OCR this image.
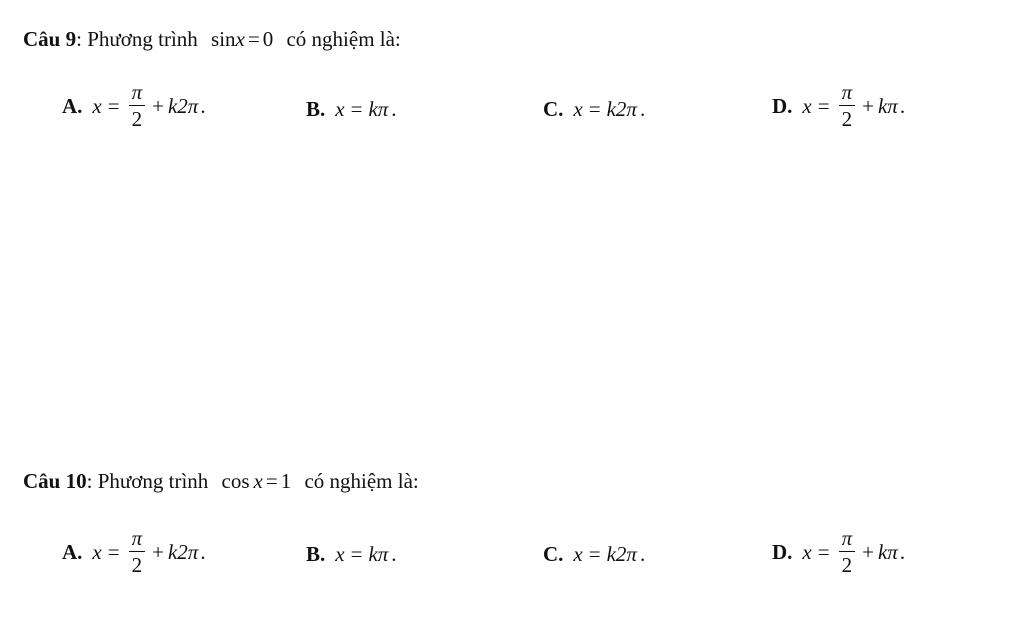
Câu 9: Phương trình sinx = 0 có nghiệm là:
A. $x = \frac{\pi}{2} + k2\pi$ .	B. x = kπ .	C. x = k2π .	D. $x = \frac{\pi}{2} + k\pi$ .
Câu 10: Phương trình cos x = 1 có nghiệm là:
A. $x = \frac{\pi}{2} + k2\pi$ .	B. x = kπ .	C. x = k2π .	D. $x = \frac{\pi}{2} + k\pi$ .
